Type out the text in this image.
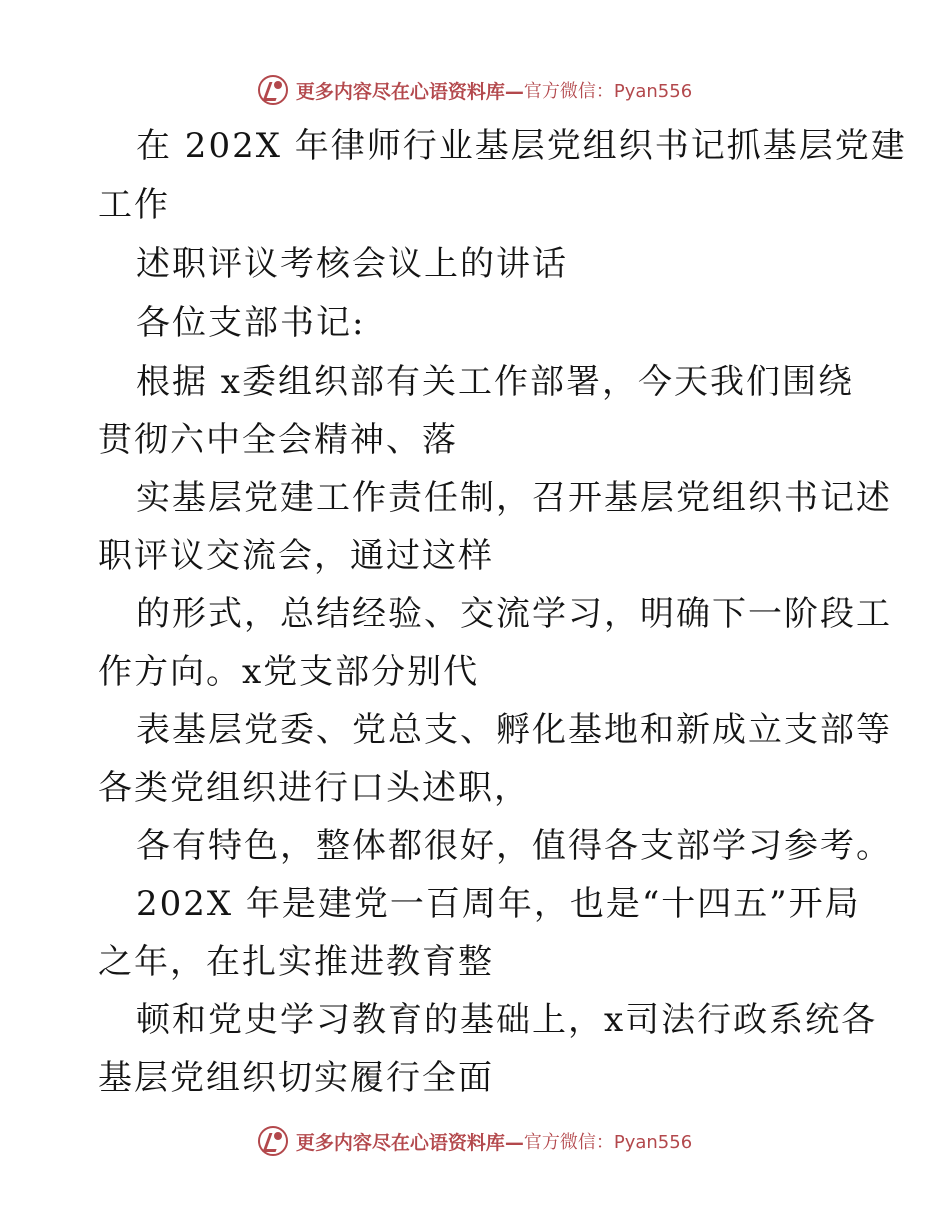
更多内容尽在心语资料库— 官方微信：Pyan556
在 202X 年律师行业基层党组织书记抓基层党建
工作
述职评议考核会议上的讲话
各位支部书记:
根据 x委组织部有关工作部署，今天我们围绕
贯彻六中全会精神、落
实基层党建工作责任制，召开基层党组织书记述
职评议交流会，通过这样
的形式，总结经验、交流学习，明确下一阶段工
作方向。x党支部分别代
表基层党委、党总支、孵化基地和新成立支部等
各类党组织进行口头述职，
各有特色，整体都很好，值得各支部学习参考。
202X 年是建党一百周年，也是“十四五”开局
之年，在扎实推进教育整
顿和党史学习教育的基础上，x司法行政系统各
基层党组织切实履行全面
更多内容尽在心语资料库— 官方微信：Pyan556
